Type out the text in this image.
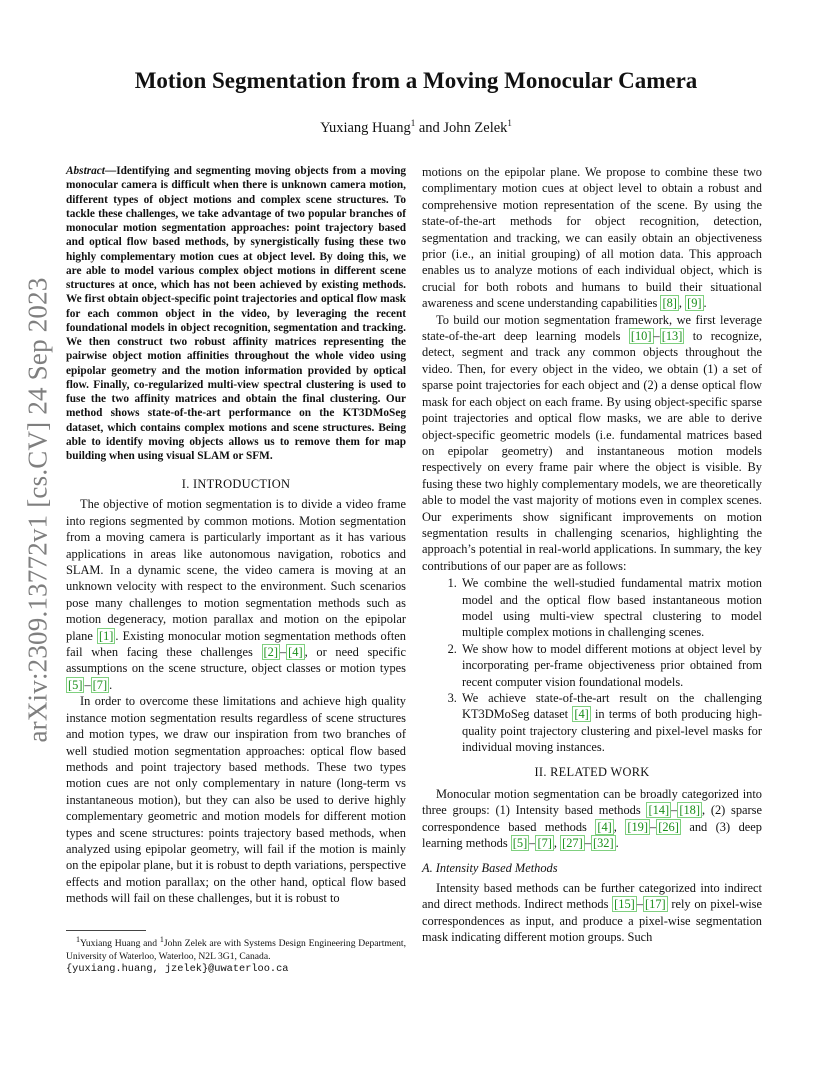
arXiv:2309.13772v1 [cs.CV] 24 Sep 2023
Motion Segmentation from a Moving Monocular Camera
Yuxiang Huang$^1$ and John Zelek$^1$
Abstract—Identifying and segmenting moving objects from a moving monocular camera is difficult when there is unknown camera motion, different types of object motions and complex scene structures. To tackle these challenges, we take advantage of two popular branches of monocular motion segmentation approaches: point trajectory based and optical flow based methods, by synergistically fusing these two highly complementary motion cues at object level. By doing this, we are able to model various complex object motions in different scene structures at once, which has not been achieved by existing methods. We first obtain object-specific point trajectories and optical flow mask for each common object in the video, by leveraging the recent foundational models in object recognition, segmentation and tracking. We then construct two robust affinity matrices representing the pairwise object motion affinities throughout the whole video using epipolar geometry and the motion information provided by optical flow. Finally, co-regularized multi-view spectral clustering is used to fuse the two affinity matrices and obtain the final clustering. Our method shows state-of-the-art performance on the KT3DMoSeg dataset, which contains complex motions and scene structures. Being able to identify moving objects allows us to remove them for map building when using visual SLAM or SFM.
I. INTRODUCTION

The objective of motion segmentation is to divide a video frame into regions segmented by common motions. Motion segmentation from a moving camera is particularly important as it has various applications in areas like autonomous navigation, robotics and SLAM. In a dynamic scene, the video camera is moving at an unknown velocity with respect to the environment. Such scenarios pose many challenges to motion segmentation methods such as motion degeneracy, motion parallax and motion on the epipolar plane [1] . Existing monocular motion segmentation methods often fail when facing these challenges [2] – [4] , or need specific assumptions on the scene structure, object classes or motion types [5] – [7] .

In order to overcome these limitations and achieve high quality instance motion segmentation results regardless of scene structures and motion types, we draw our inspiration from two branches of well studied motion segmentation approaches: optical flow based methods and point trajectory based methods. These two types motion cues are not only complementary in nature (long-term vs instantaneous motion), but they can also be used to derive highly complementary geometric and motion models for different motion types and scene structures: points trajectory based methods, when analyzed using epipolar geometry, will fail if the motion is mainly on the epipolar plane, but it is robust to depth variations, perspective effects and motion parallax; on the other hand, optical flow based methods will fail on these challenges, but it is robust to

$^1$Yuxiang Huang and $^1$John Zelek are with Systems Design Engineering Department, University of Waterloo, Waterloo, N2L 3G1, Canada.

{yuxiang.huang, jzelek}@uwaterloo.ca

motions on the epipolar plane. We propose to combine these two complimentary motion cues at object level to obtain a robust and comprehensive motion representation of the scene. By using the state-of-the-art methods for object recognition, detection, segmentation and tracking, we can easily obtain an objectiveness prior (i.e., an initial grouping) of all motion data. This approach enables us to analyze motions of each individual object, which is crucial for both robots and humans to build their situational awareness and scene understanding capabilities [8] , [9] .

To build our motion segmentation framework, we first leverage state-of-the-art deep learning models [10] – [13] to recognize, detect, segment and track any common objects throughout the video. Then, for every object in the video, we obtain (1) a set of sparse point trajectories for each object and (2) a dense optical flow mask for each object on each frame. By using object-specific sparse point trajectories and optical flow masks, we are able to derive object-specific geometric models (i.e. fundamental matrices based on epipolar geometry) and instantaneous motion models respectively on every frame pair where the object is visible. By fusing these two highly complementary models, we are theoretically able to model the vast majority of motions even in complex scenes. Our experiments show significant improvements on motion segmentation results in challenging scenarios, highlighting the approach’s potential in real-world applications. In summary, the key contributions of our paper are as follows:

1. We combine the well-studied fundamental matrix motion model and the optical flow based instantaneous motion model using multi-view spectral clustering to model multiple complex motions in challenging scenes.
2. We show how to model different motions at object level by incorporating per-frame objectiveness prior obtained from recent computer vision foundational models.
3. We achieve state-of-the-art result on the challenging KT3DMoSeg dataset [4] in terms of both producing high-quality point trajectory clustering and pixel-level masks for individual moving instances.
II. RELATED WORK

Monocular motion segmentation can be broadly categorized into three groups: (1) Intensity based methods [14] – [18] , (2) sparse correspondence based methods [4] , [19] – [26] and (3) deep learning methods [5] – [7] , [27] – [32] .

A. Intensity Based Methods

Intensity based methods can be further categorized into indirect and direct methods. Indirect methods [15] – [17] rely on pixel-wise correspondences as input, and produce a pixel-wise segmentation mask indicating different motion groups. Such
